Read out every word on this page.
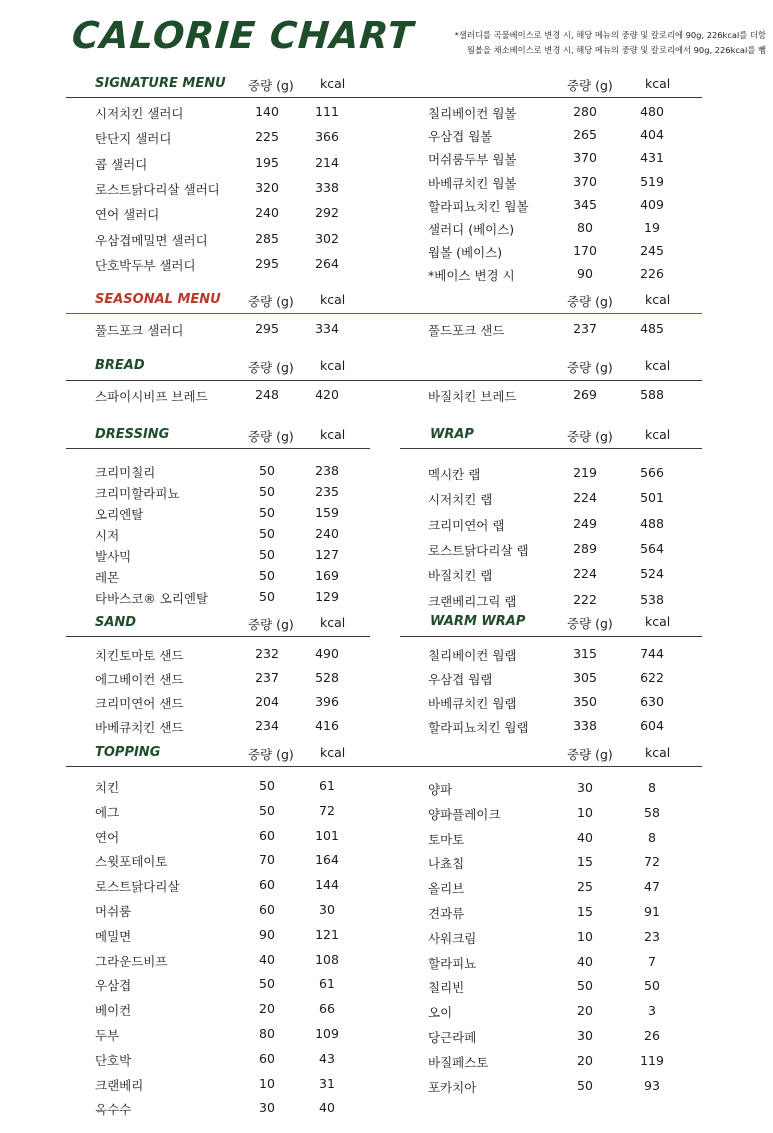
CALORIE CHART	*샐러디를 곡물베이스로 변경 시, 해당 메뉴의 중량 및 칼로리에 90g, 226kcal를 더함
웜볼을 채소베이스로 변경 시, 해당 메뉴의 중량 및 칼로리에서 90g, 226kcal를 뺌
SIGNATURE MENU 중량 (g) kcal	중량 (g)	kcal
시저치킨 샐러디	140	111
탄단지 샐러디	225	366
콥 샐러디	195	214
로스트닭다리살 샐러디	320	338
연어 샐러디	240	292
우삼겹메밀면 샐러디	285	302
단호박두부 샐러디	295	264
칠리베이컨 웜볼	280	480
우삼겹 웜볼	265	404
머쉬룸두부 웜볼	370	431
바베큐치킨 웜볼	370	519
할라피뇨치킨 웜볼	345	409
샐러디 (베이스)	80	19
웜볼 (베이스)	170	245
*베이스 변경 시	90	226
SEASONAL MENU 중량 (g) kcal	중량 (g)	kcal
풀드포크 샐러디	295	334	풀드포크 샌드	237	485
BREAD	중량 (g) kcal	중량 (g)	kcal
스파이시비프 브레드	248	420	바질치킨 브레드	269	588
DRESSING	중량 (g) kcal	WRAP	중량 (g)	kcal
크리미칠리	50	238
크리미할라피뇨	50	235
오리엔탈	50	159
시저	50	240
발사믹	50	127
레몬	50	169
타바스코® 오리엔탈	50	129
멕시칸 랩	219	566
시저치킨 랩	224	501
크리미연어 랩	249	488
로스트닭다리살 랩	289	564
바질치킨 랩	224	524
크랜베리그릭 랩	222	538
SAND	중량 (g) kcal	WARM WRAP	중량 (g)	kcal
치킨토마토 샌드	232	490
에그베이컨 샌드	237	528
크리미연어 샌드	204	396
바베큐치킨 샌드	234	416
칠리베이컨 웜랩	315	744
우삼겹 웜랩	305	622
바베큐치킨 웜랩	350	630
할라피뇨치킨 웜랩	338	604
TOPPING	중량 (g) kcal	중량 (g)	kcal
치킨	50	61
에그	50	72
연어	60	101
스윗포테이토	70	164
로스트닭다리살	60	144
머쉬룸	60	30
메밀면	90	121
그라운드비프	40	108
우삼겹	50	61
베이컨	20	66
두부	80	109
단호박	60	43
크랜베리	10	31
옥수수	30	40
양파	30	8
양파플레이크	10	58
토마토	40	8
나쵸칩	15	72
올리브	25	47
견과류	15	91
사워크림	10	23
할라피뇨	40	7
칠리빈	50	50
오이	20	3
당근라페	30	26
바질페스토	20	119
포카치아	50	93
